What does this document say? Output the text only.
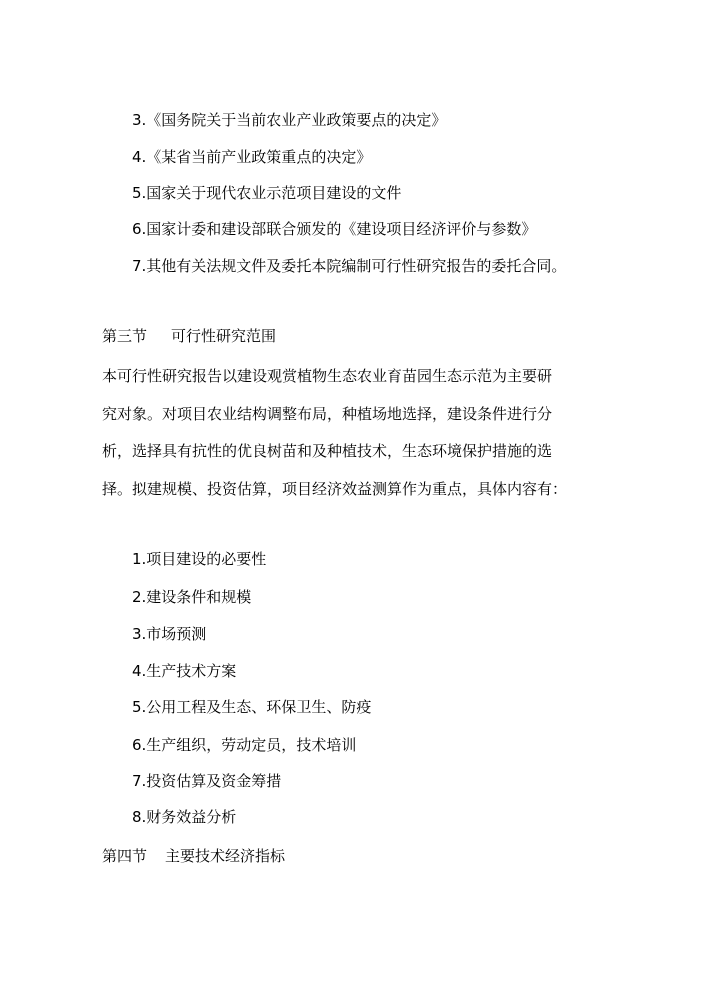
3.《国务院关于当前农业产业政策要点的决定》
4.《某省当前产业政策重点的决定》
5.国家关于现代农业示范项目建设的文件
6.国家计委和建设部联合颁发的《建设项目经济评价与参数》
7.其他有关法规文件及委托本院编制可行性研究报告的委托合同。
第三节 可行性研究范围
本可行性研究报告以建设观赏植物生态农业育苗园生态示范为主要研
究对象。对项目农业结构调整布局，种植场地选择，建设条件进行分
析，选择具有抗性的优良树苗和及种植技术，生态环境保护措施的选
择。拟建规模、投资估算，项目经济效益测算作为重点，具体内容有：
1.项目建设的必要性
2.建设条件和规模
3.市场预测
4.生产技术方案
5.公用工程及生态、环保卫生、防疫
6.生产组织，劳动定员，技术培训
7.投资估算及资金筹措
8.财务效益分析
第四节 主要技术经济指标
